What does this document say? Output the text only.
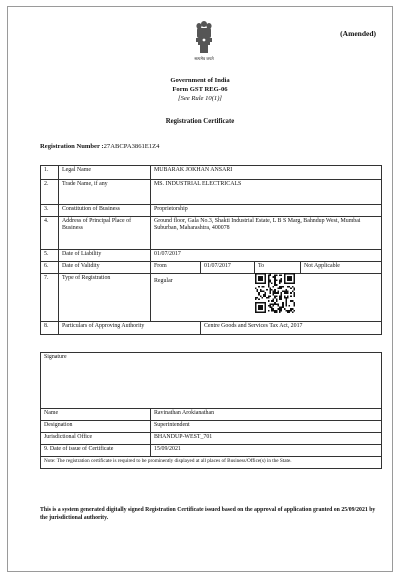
(Amended)
सत्यमेव जयते
Government of India
Form GST REG-06
[See Rule 10(1)]
Registration Certificate
Registration Number :27ABCPA3861E1Z4
1.	Legal Name	MUBARAK JOKHAN ANSARI			
2.	Trade Name, if any	MS. INDUSTRIAL ELECTRICALS			
3.	Constitution of Business	Proprietorship			
4.	Address of Principal Place of Business	Ground floor, Gala No.3, Shakti Industrial Estate, L B S Marg, Bahndup West, Mumbai Suburban, Maharashtra, 400078			
5.	Date of Liability	01/07/2017			
6.	Date of Validity	From	01/07/2017	To	Not Applicable
7.	Type of Registration	Regular			
8.	Particulars of Approving Authority		Centre Goods and Services Tax Act, 2017		
Signature	
Name	Ravinathan Arokianathan
Designation	Superintendent
Jurisdictional Office	BHANDUP-WEST_701
9. Date of issue of Certificate	15/09/2021
Note: The registration certificate is required to be prominently displayed at all places of Business/Office(s) in the State.	
This is a system generated digitally signed Registration Certificate issued based on the approval of application granted on 25/09/2021 by the jurisdictional authority.
